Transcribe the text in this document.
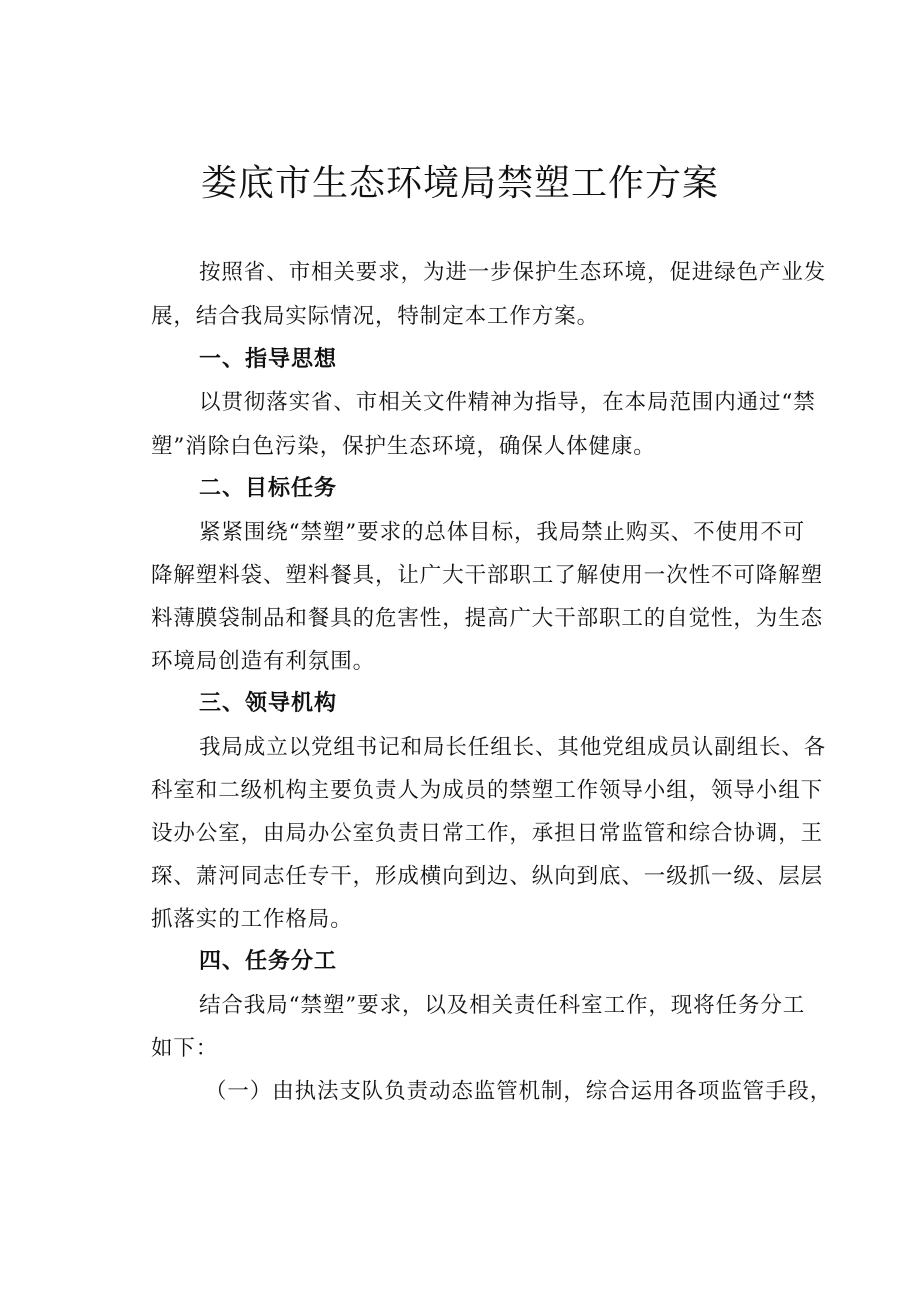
娄底市生态环境局禁塑工作方案
按照省、市相关要求，为进一步保护生态环境，促进绿色产业发
展，结合我局实际情况，特制定本工作方案。
一、指导思想
以贯彻落实省、市相关文件精神为指导，在本局范围内通过“禁
塑”消除白色污染，保护生态环境，确保人体健康。
二、目标任务
紧紧围绕“禁塑”要求的总体目标，我局禁止购买、不使用不可
降解塑料袋、塑料餐具，让广大干部职工了解使用一次性不可降解塑
料薄膜袋制品和餐具的危害性，提高广大干部职工的自觉性，为生态
环境局创造有利氛围。
三、领导机构
我局成立以党组书记和局长任组长、其他党组成员认副组长、各
科室和二级机构主要负责人为成员的禁塑工作领导小组，领导小组下
设办公室，由局办公室负责日常工作，承担日常监管和综合协调，王
琛、萧河同志任专干，形成横向到边、纵向到底、一级抓一级、层层
抓落实的工作格局。
四、任务分工
结合我局“禁塑”要求，以及相关责任科室工作，现将任务分工
如下：
（一）由执法支队负责动态监管机制，综合运用各项监管手段，
